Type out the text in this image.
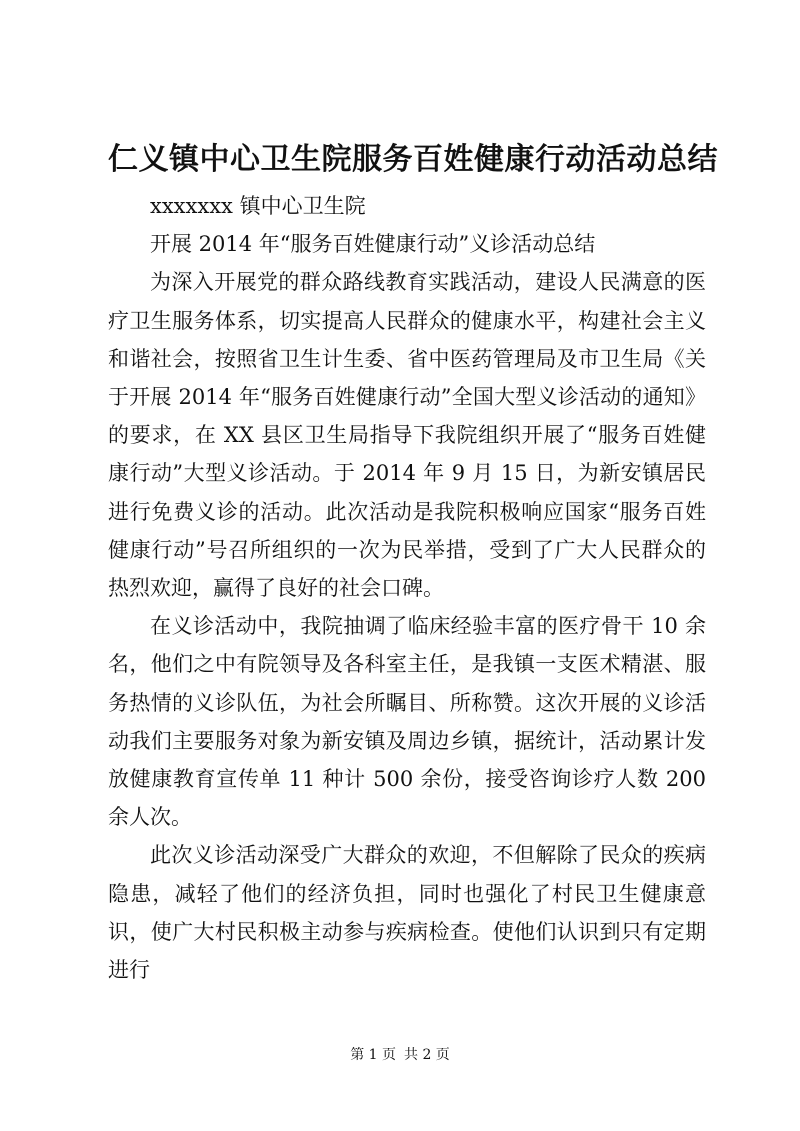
仁义镇中心卫生院服务百姓健康行动活动总结

xxxxxxx 镇中心卫生院

开展 2014 年“服务百姓健康行动”义诊活动总结

为深入开展党的群众路线教育实践活动，建设人民满意的医疗卫生服务体系，切实提高人民群众的健康水平，构建社会主义和谐社会，按照省卫生计生委、省中医药管理局及市卫生局《关于开展 2014 年“服务百姓健康行动”全国大型义诊活动的通知》的要求，在 XX 县区卫生局指导下我院组织开展了“服务百姓健康行动”大型义诊活动。于 2014 年 9 月 15 日，为新安镇居民进行免费义诊的活动。此次活动是我院积极响应国家“服务百姓健康行动”号召所组织的一次为民举措，受到了广大人民群众的热烈欢迎，赢得了良好的社会口碑。

在义诊活动中，我院抽调了临床经验丰富的医疗骨干 10 余名，他们之中有院领导及各科室主任，是我镇一支医术精湛、服务热情的义诊队伍，为社会所瞩目、所称赞。这次开展的义诊活动我们主要服务对象为新安镇及周边乡镇，据统计，活动累计发放健康教育宣传单 11 种计 500 余份，接受咨询诊疗人数 200 余人次。

此次义诊活动深受广大群众的欢迎，不但解除了民众的疾病隐患，减轻了他们的经济负担，同时也强化了村民卫生健康意识，使广大村民积极主动参与疾病检查。使他们认识到只有定期进行

第 1 页 共 2 页
